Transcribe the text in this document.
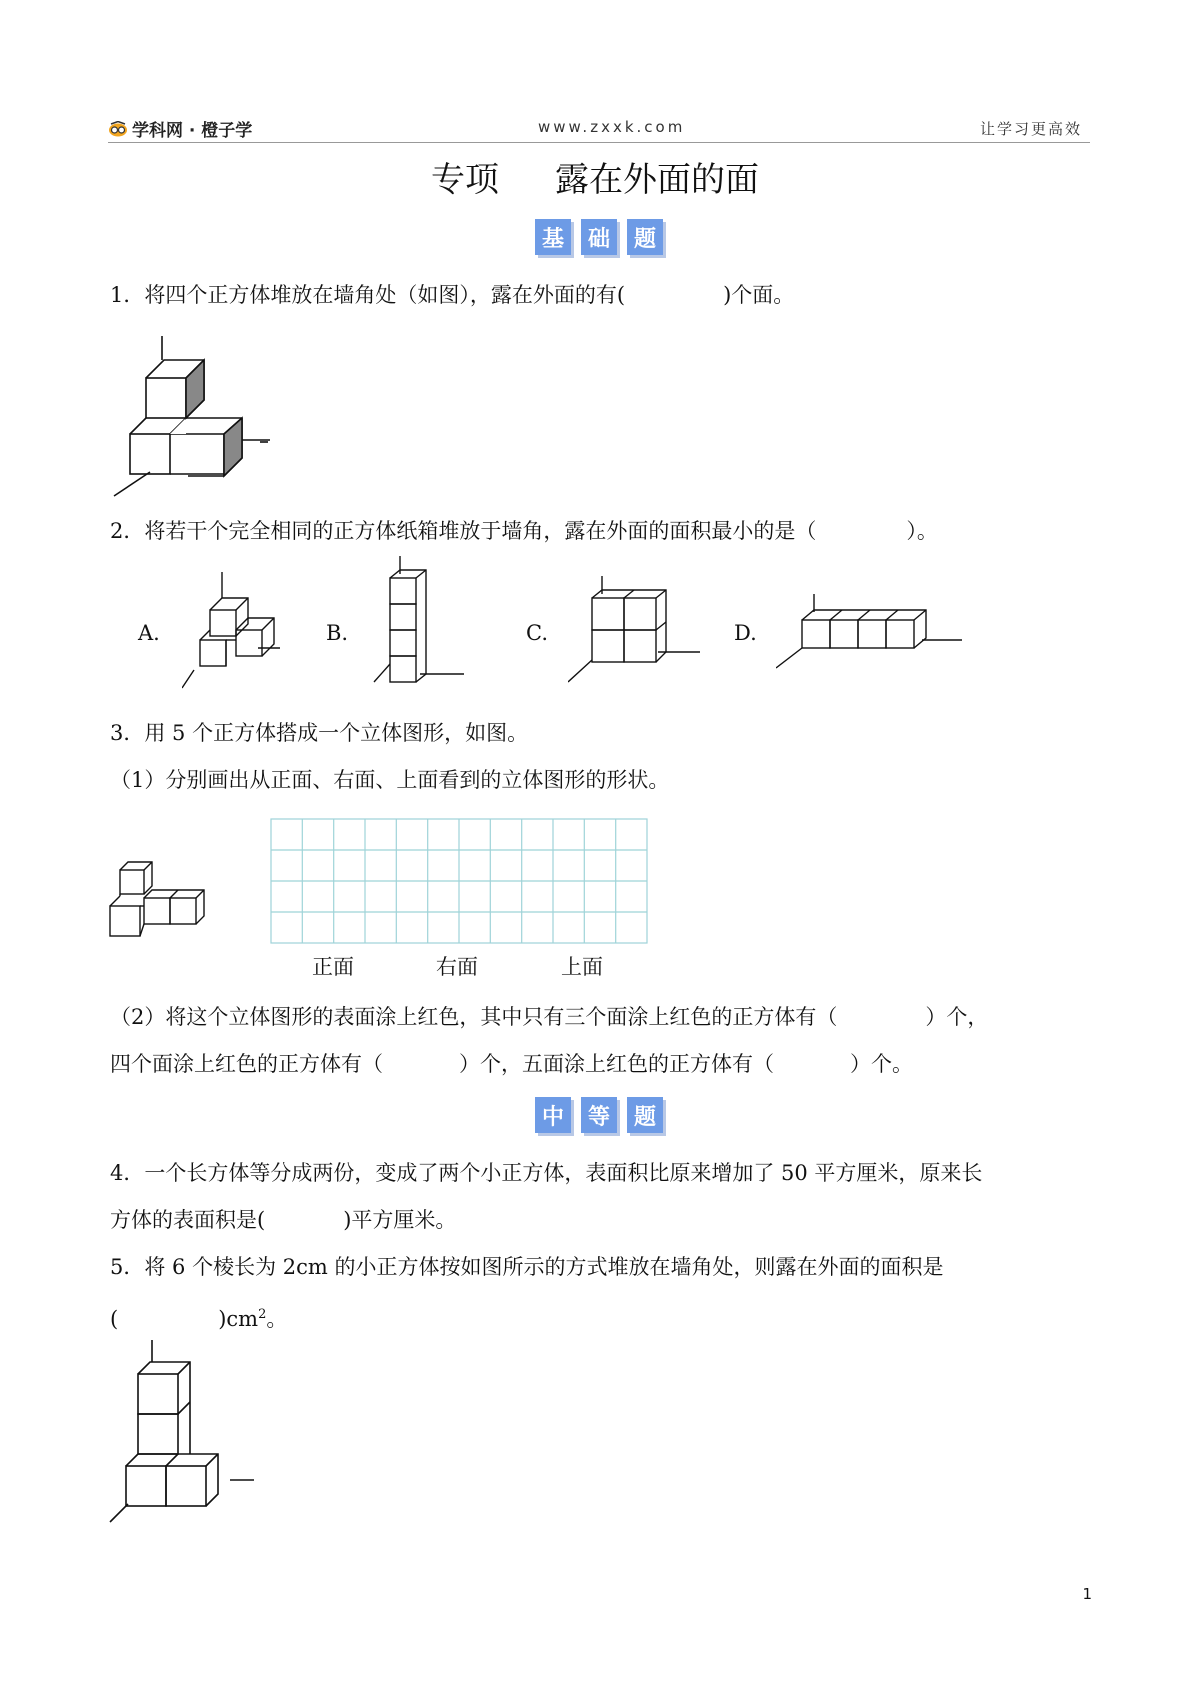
学科网 · 橙子学	www.zxxk.com	让学习更高效
专项 露在外面的面
基	础	题
1．将四个正方体堆放在墙角处（如图），露在外面的有(	)个面。
2．将若干个完全相同的正方体纸箱堆放于墙角，露在外面的面积最小的是（	）。
A.	B.	C.	D.
3．用 5 个正方体搭成一个立体图形，如图。
（1）分别画出从正面、右面、上面看到的立体图形的形状。
正面	右面	上面
（2）将这个立体图形的表面涂上红色，其中只有三个面涂上红色的正方体有（	）个，
四个面涂上红色的正方体有（	）个，五面涂上红色的正方体有（	）个。
中	等	题
4．一个长方体等分成两份，变成了两个小正方体，表面积比原来增加了 50 平方厘米，原来长
方体的表面积是(	)平方厘米。
5．将 6 个棱长为 2cm 的小正方体按如图所示的方式堆放在墙角处，则露在外面的面积是
(	)$cm^2$。
1
